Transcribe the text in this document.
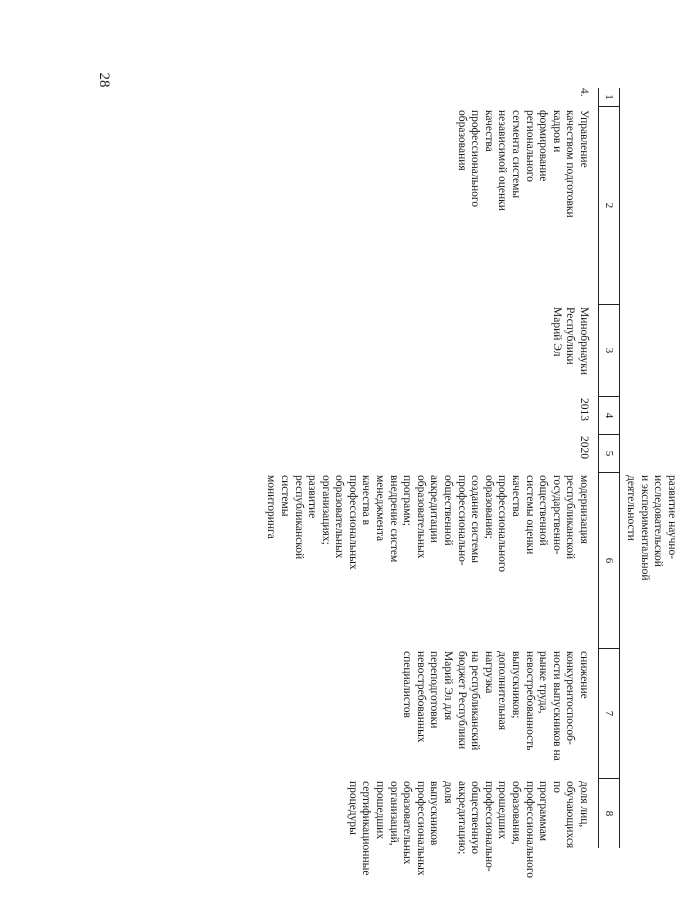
28
1
2
3
4
5
6
7
8
развитие научно-
исследовательской
и экспериментальной деятельности
4.
Управление
качеством подготовки
кадров и
формирование
регионального
сегмента системы
независимой оценки
качества
профессионального
образования
Минобрнауки
Республики
Марий Эл
2013
2020
модернизация
республиканской
государственно-
общественной
системы оценки
качества
профессионального
образования;
создание системы
профессионально-
общественной
аккредитации
образовательных
программ;
внедрение систем
менеджмента
качества в
профессиональных
образовательных
организациях;
развитие
республиканской
системы
мониторинга
снижение
конкурентоспособ-
ности выпускников на
рынке труда,
невостребованность
выпускников;
дополнительная
нагрузка
на республиканский
бюджет Республики
Марий Эл для
переподготовки
невостребованных
специалистов
доля лиц,
обучающихся
по программам
профессионального
образования,
прошедших
профессионально-
общественную
аккредитацию;
доля выпускников
профессиональных
образовательных
организаций,
прошедших
сертификационные
процедуры
